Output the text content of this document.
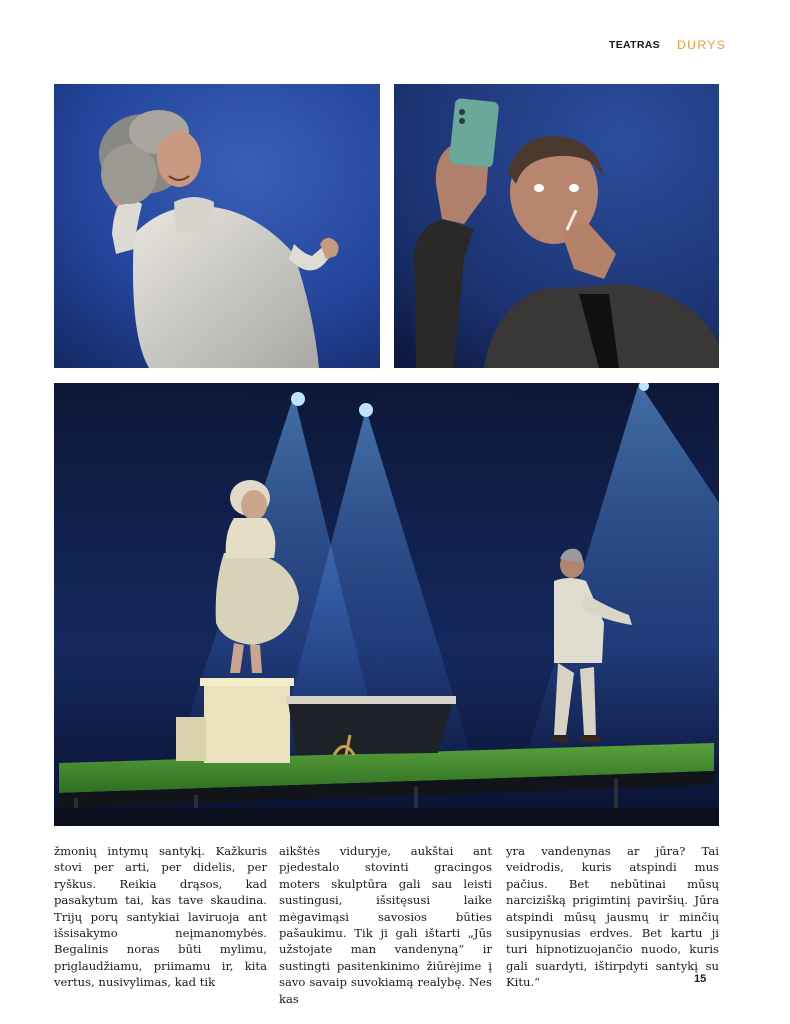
TEATRAS DURYS

žmonių intymų santykį. Kažkuris stovi per arti, per didelis, per ryškus. Reikia drąsos, kad pasakytum tai, kas tave skaudina. Trijų porų santykiai laviruoja ant išsisakymo neįmanomybės. Begalinis noras būti mylimu, priglaudžiamu, priimamu ir, kita vertus, nusivylimas, kad tik

aikštės viduryje, aukštai ant pjedestalo stovinti gracingos moters skulptūra gali sau leisti sustingusi, išsitęsusi laike mėgavimąsi savosios būties pašaukimu. Tik ji gali ištarti „Jūs užstojate man vandenyną“ ir sustingti pasitenkinimo žiūrėjime į savo savaip suvokiamą realybę. Nes kas

yra vandenynas ar jūra? Tai veidrodis, kuris atspindi mus pačius. Bet nebūtinai mūsų narcizišką prigimtinį paviršių. Jūra atspindi mūsų jausmų ir minčių susipynusias erdves. Bet kartu ji turi hipnotizuojančio nuodo, kuris gali suardyti, ištirpdyti santykį su Kitu.“	15
